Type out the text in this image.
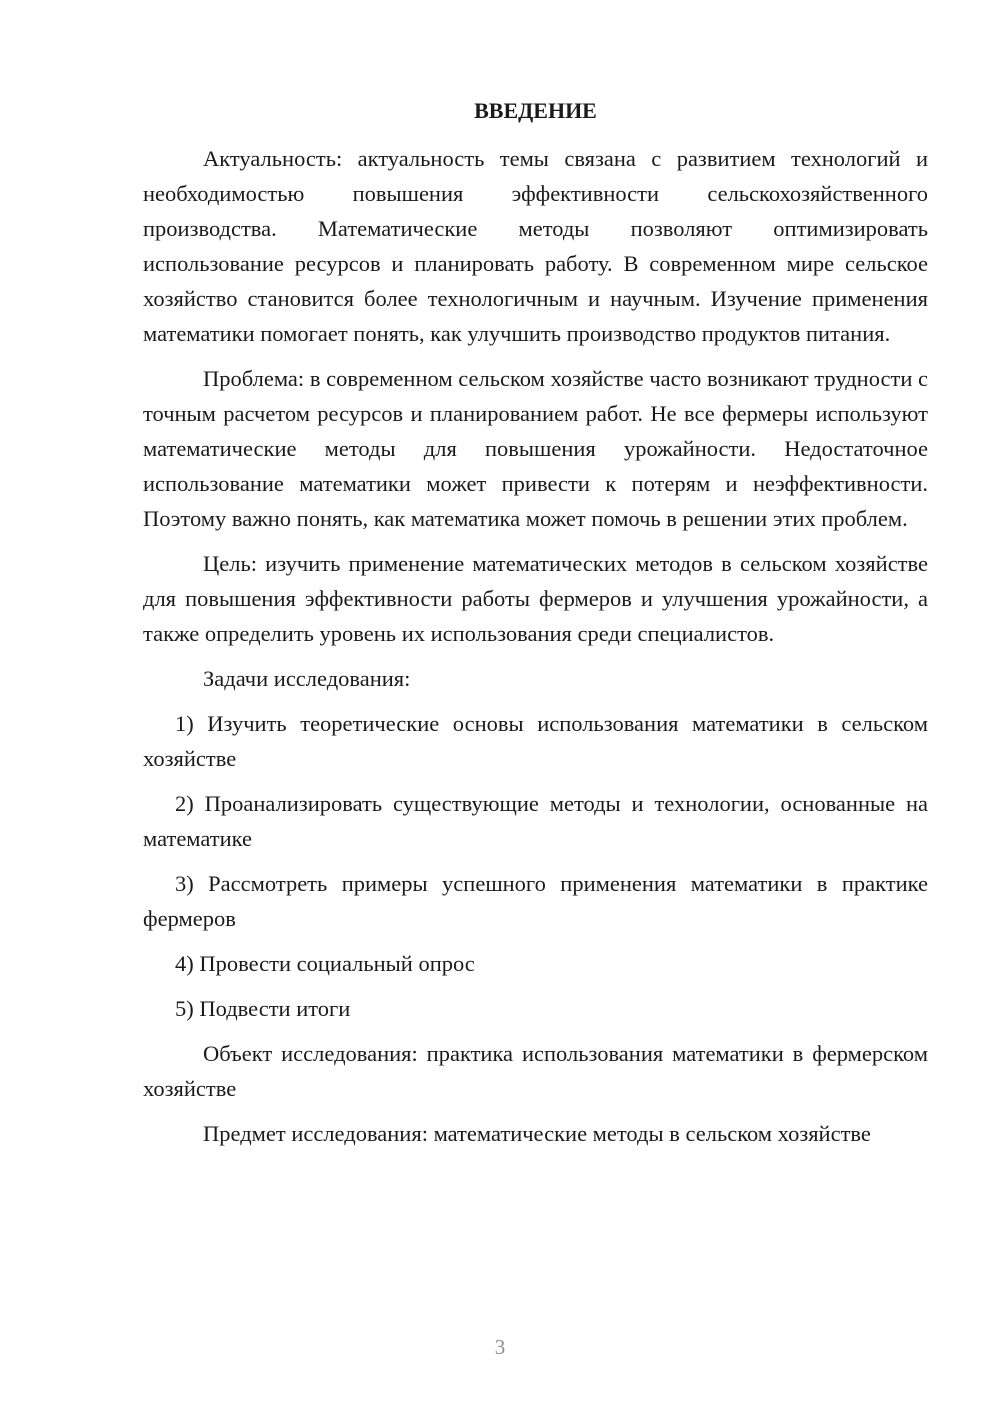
ВВЕДЕНИЕ

Актуальность: актуальность темы связана с развитием технологий и необходимостью повышения эффективности сельскохозяйственного производства. Математические методы позволяют оптимизировать использование ресурсов и планировать работу. В современном мире сельское хозяйство становится более технологичным и научным. Изучение применения математики помогает понять, как улучшить производство продуктов питания.

Проблема: в современном сельском хозяйстве часто возникают трудности с точным расчетом ресурсов и планированием работ. Не все фермеры используют математические методы для повышения урожайности. Недостаточное использование математики может привести к потерям и неэффективности. Поэтому важно понять, как математика может помочь в решении этих проблем.

Цель: изучить применение математических методов в сельском хозяйстве для повышения эффективности работы фермеров и улучшения урожайности, а также определить уровень их использования среди специалистов.

Задачи исследования:

1) Изучить теоретические основы использования математики в сельском хозяйстве

2) Проанализировать существующие методы и технологии, основанные на математике

3) Рассмотреть примеры успешного применения математики в практике фермеров

4) Провести социальный опрос

5) Подвести итоги

Объект исследования: практика использования математики в фермерском хозяйстве

Предмет исследования: математические методы в сельском хозяйстве

3
